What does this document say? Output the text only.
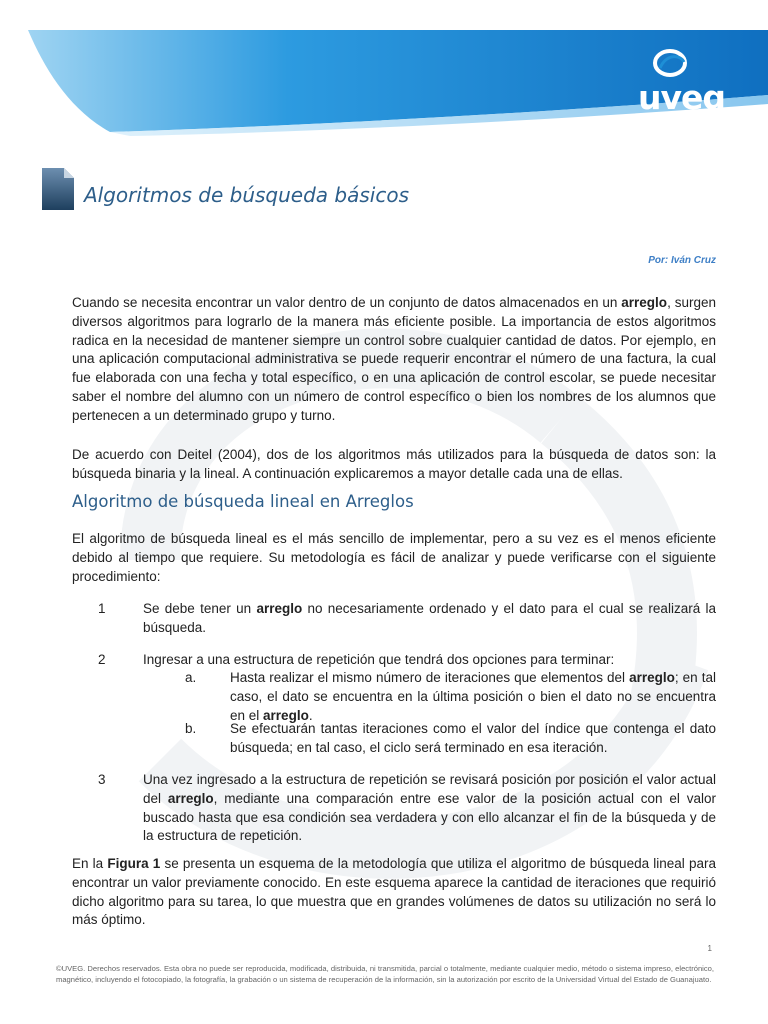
uveg
Universidad Virtual del Estado de Guanajuato
Algoritmos de búsqueda básicos
Por: Iván Cruz

Cuando se necesita encontrar un valor dentro de un conjunto de datos almacenados en un arreglo, surgen diversos algoritmos para lograrlo de la manera más eficiente posible. La importancia de estos algoritmos radica en la necesidad de mantener siempre un control sobre cualquier cantidad de datos. Por ejemplo, en una aplicación computacional administrativa se puede requerir encontrar el número de una factura, la cual fue elaborada con una fecha y total específico, o en una aplicación de control escolar, se puede necesitar saber el nombre del alumno con un número de control específico o bien los nombres de los alumnos que pertenecen a un determinado grupo y turno.

De acuerdo con Deitel (2004), dos de los algoritmos más utilizados para la búsqueda de datos son: la búsqueda binaria y la lineal. A continuación explicaremos a mayor detalle cada una de ellas.

Algoritmo de búsqueda lineal en Arreglos

El algoritmo de búsqueda lineal es el más sencillo de implementar, pero a su vez es el menos eficiente debido al tiempo que requiere. Su metodología es fácil de analizar y puede verificarse con el siguiente procedimiento:

1	Se debe tener un arreglo no necesariamente ordenado y el dato para el cual se realizará la búsqueda.

2	Ingresar a una estructura de repetición que tendrá dos opciones para terminar:

a. Hasta realizar el mismo número de iteraciones que elementos del arreglo; en tal caso, el dato se encuentra en la última posición o bien el dato no se encuentra en el arreglo.

b. Se efectuarán tantas iteraciones como el valor del índice que contenga el dato búsqueda; en tal caso, el ciclo será terminado en esa iteración.

3	Una vez ingresado a la estructura de repetición se revisará posición por posición el valor actual del arreglo, mediante una comparación entre ese valor de la posición actual con el valor buscado hasta que esa condición sea verdadera y con ello alcanzar el fin de la búsqueda y de la estructura de repetición.

En la Figura 1 se presenta un esquema de la metodología que utiliza el algoritmo de búsqueda lineal para encontrar un valor previamente conocido. En este esquema aparece la cantidad de iteraciones que requirió dicho algoritmo para su tarea, lo que muestra que en grandes volúmenes de datos su utilización no será lo más óptimo.

1

©UVEG. Derechos reservados. Esta obra no puede ser reproducida, modificada, distribuida, ni transmitida, parcial o totalmente, mediante cualquier medio, método o sistema impreso, electrónico, magnético, incluyendo el fotocopiado, la fotografía, la grabación o un sistema de recuperación de la información, sin la autorización por escrito de la Universidad Virtual del Estado de Guanajuato.
